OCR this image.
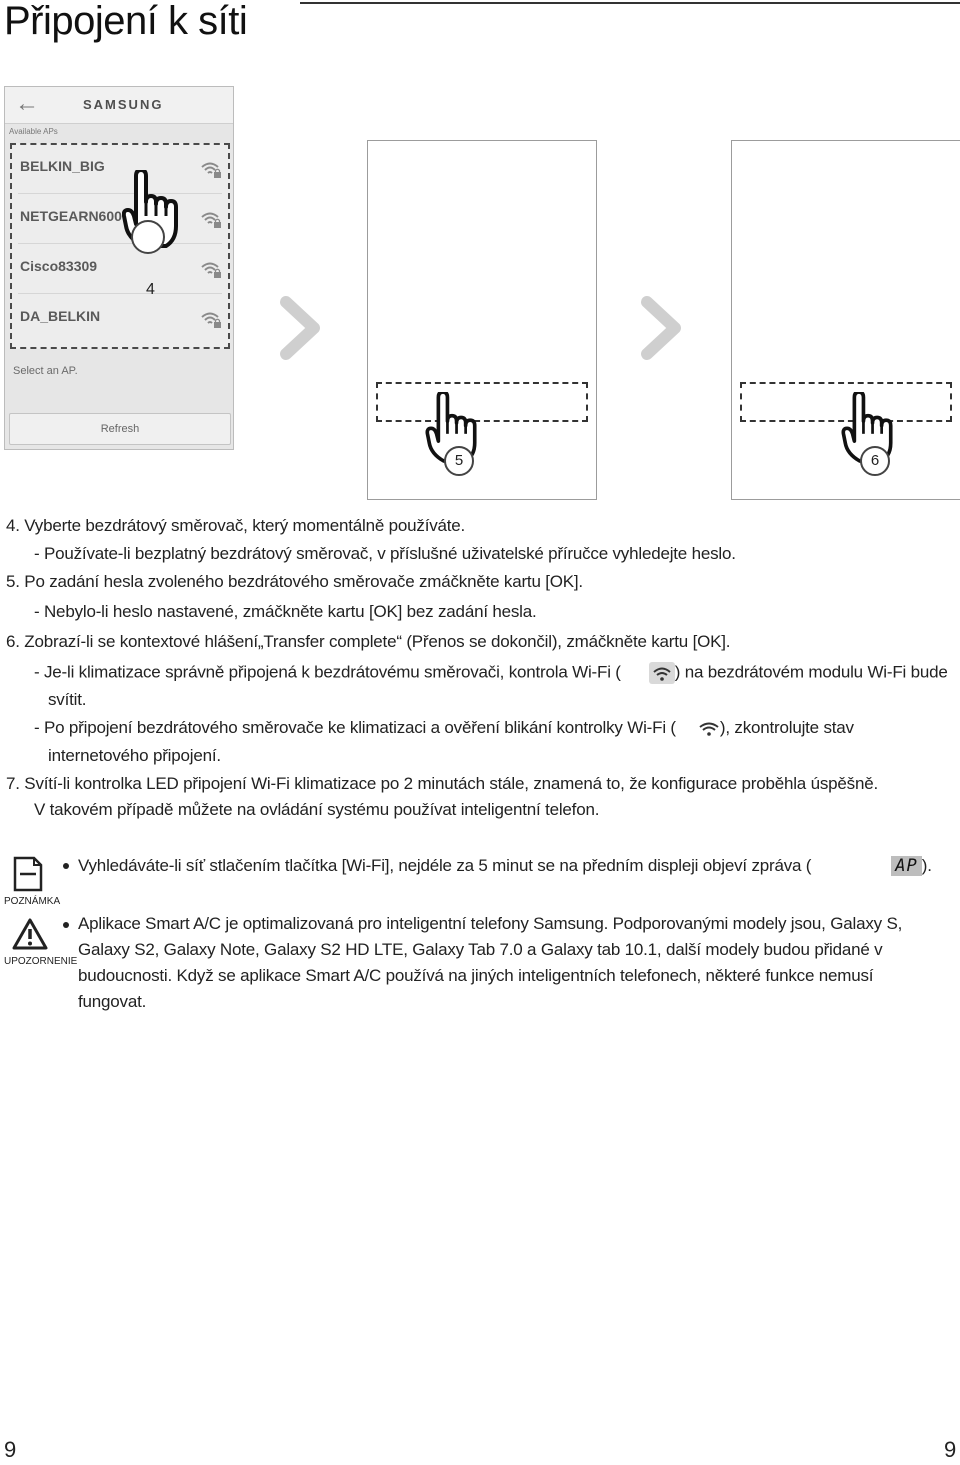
Připojení k síti
←	SAMSUNG
Available APs
BELKIN_BIG
NETGEARN600
Cisco83309
DA_BELKIN
Select an AP.
Refresh
4
5	6
4. Vyberte bezdrátový směrovač, který momentálně používáte.
- Používate-li bezplatný bezdrátový směrovač, v příslušné uživatelské příručce vyhledejte heslo.
5. Po zadání hesla zvoleného bezdrátového směrovače zmáčkněte kartu [OK].
- Nebylo-li heslo nastavené, zmáčkněte kartu [OK] bez zadání hesla.
6. Zobrazí-li se kontextové hlášení„Transfer complete“ (Přenos se dokončil), zmáčkněte kartu [OK].
- Je-li klimatizace správně připojená k bezdrátovému směrovači, kontrola Wi-Fi (	) na bezdrátovém modulu Wi-Fi bude
svítit.
- Po připojení bezdrátového směrovače ke klimatizaci a ověření blikání kontrolky Wi-Fi (	), zkontrolujte stav
internetového připojení.
7. Svítí-li kontrolka LED připojení Wi-Fi klimatizace po 2 minutách stále, znamená to, že konfigurace proběhla úspěšně.
V takovém případě můžete na ovládání systému používat inteligentní telefon.
POZNÁMKA
UPOZORNENIE
Vyhledáváte-li síť stlačením tlačítka [Wi-Fi], nejdéle za 5 minut se na předním displeji objeví zpráva (	AP ).
Aplikace Smart A/C je optimalizovaná pro inteligentní telefony Samsung. Podporovanými modely jsou, Galaxy S,
Galaxy S2, Galaxy Note, Galaxy S2 HD LTE, Galaxy Tab 7.0 a Galaxy tab 10.1, další modely budou přidané v
budoucnosti. Když se aplikace Smart A/C používá na jiných inteligentních telefonech, některé funkce nemusí
fungovat.
9	9
